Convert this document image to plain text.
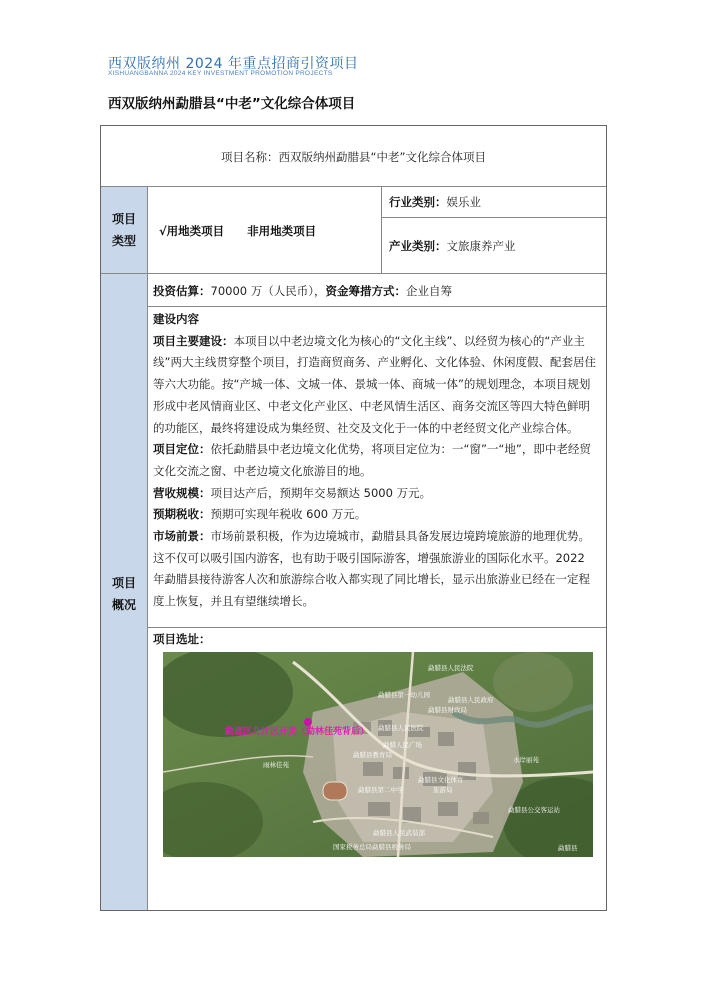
西双版纳州 2024 年重点招商引资项目
XISHUANGBANNA 2024 KEY INVESTMENT PROMOTION PROJECTS
西双版纳州勐腊县“中老”文化综合体项目
项目名称：西双版纳州勐腊县“中老”文化综合体项目
项目
类型
√用地类项目　　非用地类项目
行业类别：娱乐业
产业类别：文旅康养产业
项目
概况
投资估算：70000 万（人民币），资金筹措方式：企业自筹

建设内容

项目主要建设：本项目以中老边境文化为核心的“文化主线”、以经贸为核心的“产业主线”两大主线贯穿整个项目，打造商贸商务、产业孵化、文化体验、休闲度假、配套居住等六大功能。按“产城一体、文城一体、景城一体、商城一体”的规划理念，本项目规划形成中老风情商业区、中老文化产业区、中老风情生活区、商务交流区等四大特色鲜明的功能区，最终将建设成为集经贸、社交及文化于一体的中老经贸文化产业综合体。

项目定位：依托勐腊县中老边境文化优势，将项目定位为：一“窗”一“地”，即中老经贸文化交流之窗、中老边境文化旅游目的地。

营收规模：项目达产后，预期年交易额达 5000 万元。

预期税收：预期可实现年税收 600 万元。

市场前景：市场前景积极，作为边境城市，勐腊县具备发展边境跨境旅游的地理优势。这不仅可以吸引国内游客，也有助于吸引国际游客，增强旅游业的国际化水平。2022 年勐腊县接待游客人次和旅游综合收入都实现了同比增长，显示出旅游业已经在一定程度上恢复，并且有望继续增长。

项目选址：
勐遮区北片区开发（勐林佳苑背后）
勐腊县人民法院
勐腊县第一幼儿园
勐腊县人民政府
勐腊县财政局
勐腊县人民医院
勐腊人民广场
勐腊县文化体育
旅游局
勐腊县第二中学
勐腊县人民武装部
国家税务总局勐腊县税务局	勐腊县
水岸丽苑
雨林佳苑
勐腊县教育局
勐腊县公交客运站
